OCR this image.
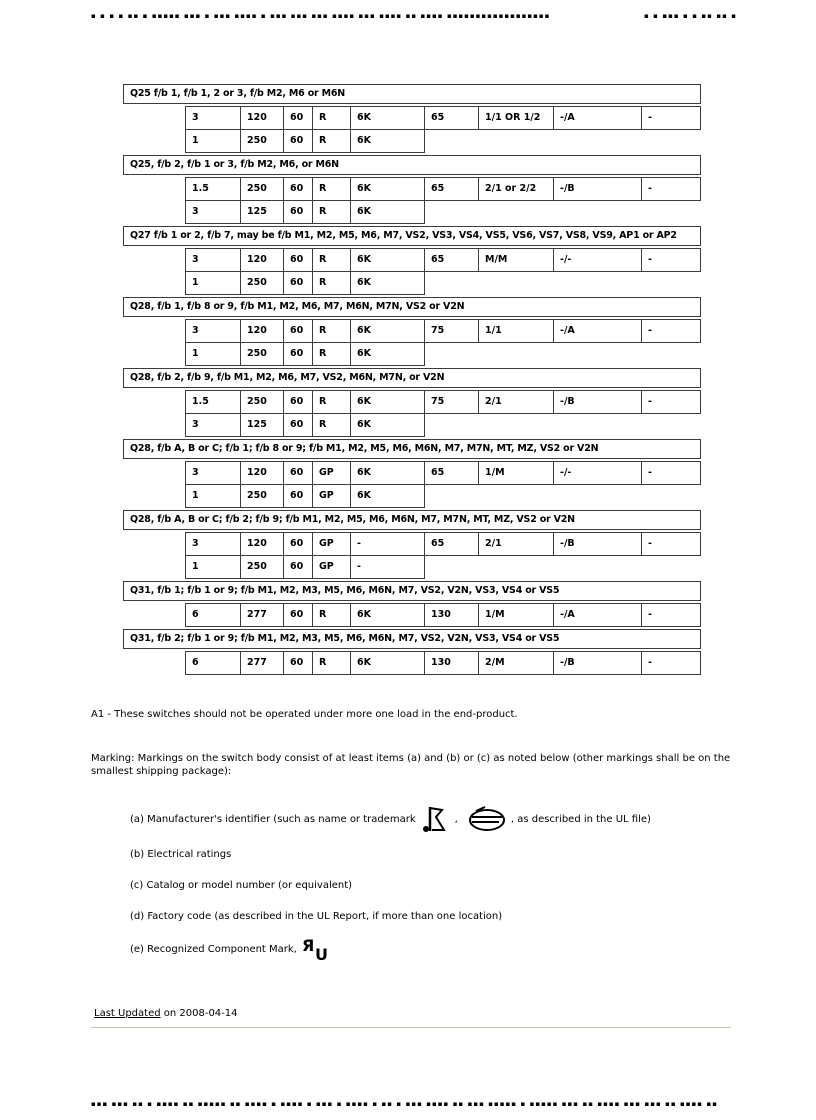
▪ ▪ ▪ ▪ ▪▪ ▪ ▪▪▪▪▪ ▪▪▪ ▪ ▪▪▪ ▪▪▪▪ ▪ ▪▪▪ ▪▪▪ ▪▪▪ ▪▪▪▪ ▪▪▪ ▪▪▪▪ ▪▪ ▪▪▪▪ ▪▪▪▪▪▪▪▪▪▪▪▪▪▪▪▪▪▪	▪ ▪ ▪▪▪ ▪ ▪ ▪▪ ▪▪ ▪
Q25 f/b 1, f/b 1, 2 or 3, f/b M2, M6 or M6N
3	120	60	R	6K	65	1/1 OR 1/2	-/A	-
1	250	60	R	6K
Q25, f/b 2, f/b 1 or 3, f/b M2, M6, or M6N
1.5	250	60	R	6K	65	2/1 or 2/2	-/B	-
3	125	60	R	6K
Q27 f/b 1 or 2, f/b 7, may be f/b M1, M2, M5, M6, M7, VS2, VS3, VS4, VS5, VS6, VS7, VS8, VS9, AP1 or AP2
3	120	60	R	6K	65	M/M	-/-	-
1	250	60	R	6K
Q28, f/b 1, f/b 8 or 9, f/b M1, M2, M6, M7, M6N, M7N, VS2 or V2N
3	120	60	R	6K	75	1/1	-/A	-
1	250	60	R	6K
Q28, f/b 2, f/b 9, f/b M1, M2, M6, M7, VS2, M6N, M7N, or V2N
1.5	250	60	R	6K	75	2/1	-/B	-
3	125	60	R	6K
Q28, f/b A, B or C; f/b 1; f/b 8 or 9; f/b M1, M2, M5, M6, M6N, M7, M7N, MT, MZ, VS2 or V2N
3	120	60	GP	6K	65	1/M	-/-	-
1	250	60	GP	6K
Q28, f/b A, B or C; f/b 2; f/b 9; f/b M1, M2, M5, M6, M6N, M7, M7N, MT, MZ, VS2 or V2N
3	120	60	GP	-	65	2/1	-/B	-
1	250	60	GP	-
Q31, f/b 1; f/b 1 or 9; f/b M1, M2, M3, M5, M6, M6N, M7, VS2, V2N, VS3, VS4 or VS5
6	277	60	R	6K	130	1/M	-/A	-
Q31, f/b 2; f/b 1 or 9; f/b M1, M2, M3, M5, M6, M6N, M7, VS2, V2N, VS3, VS4 or VS5
6	277	60	R	6K	130	2/M	-/B	-
A1 - These switches should not be operated under more one load in the end-product.
Marking: Markings on the switch body consist of at least items (a) and (b) or (c) as noted below (other markings shall be on the smallest shipping package):
(a) Manufacturer's identifier (such as name or trademark	,	, as described in the UL file)
(b) Electrical ratings
(c) Catalog or model number (or equivalent)
(d) Factory code (as described in the UL Report, if more than one location)
(e) Recognized Component Mark, Я U
Last Updated on 2008-04-14
▪▪▪ ▪▪▪ ▪▪ ▪ ▪▪▪▪ ▪▪ ▪▪▪▪▪ ▪▪ ▪▪▪▪ ▪ ▪▪▪▪ ▪ ▪▪▪ ▪ ▪▪▪▪ ▪ ▪▪ ▪ ▪▪▪ ▪▪▪▪ ▪▪ ▪▪▪ ▪▪▪▪▪ ▪ ▪▪▪▪▪ ▪▪▪ ▪▪ ▪▪▪▪ ▪▪▪ ▪▪▪ ▪▪ ▪▪▪▪ ▪▪
